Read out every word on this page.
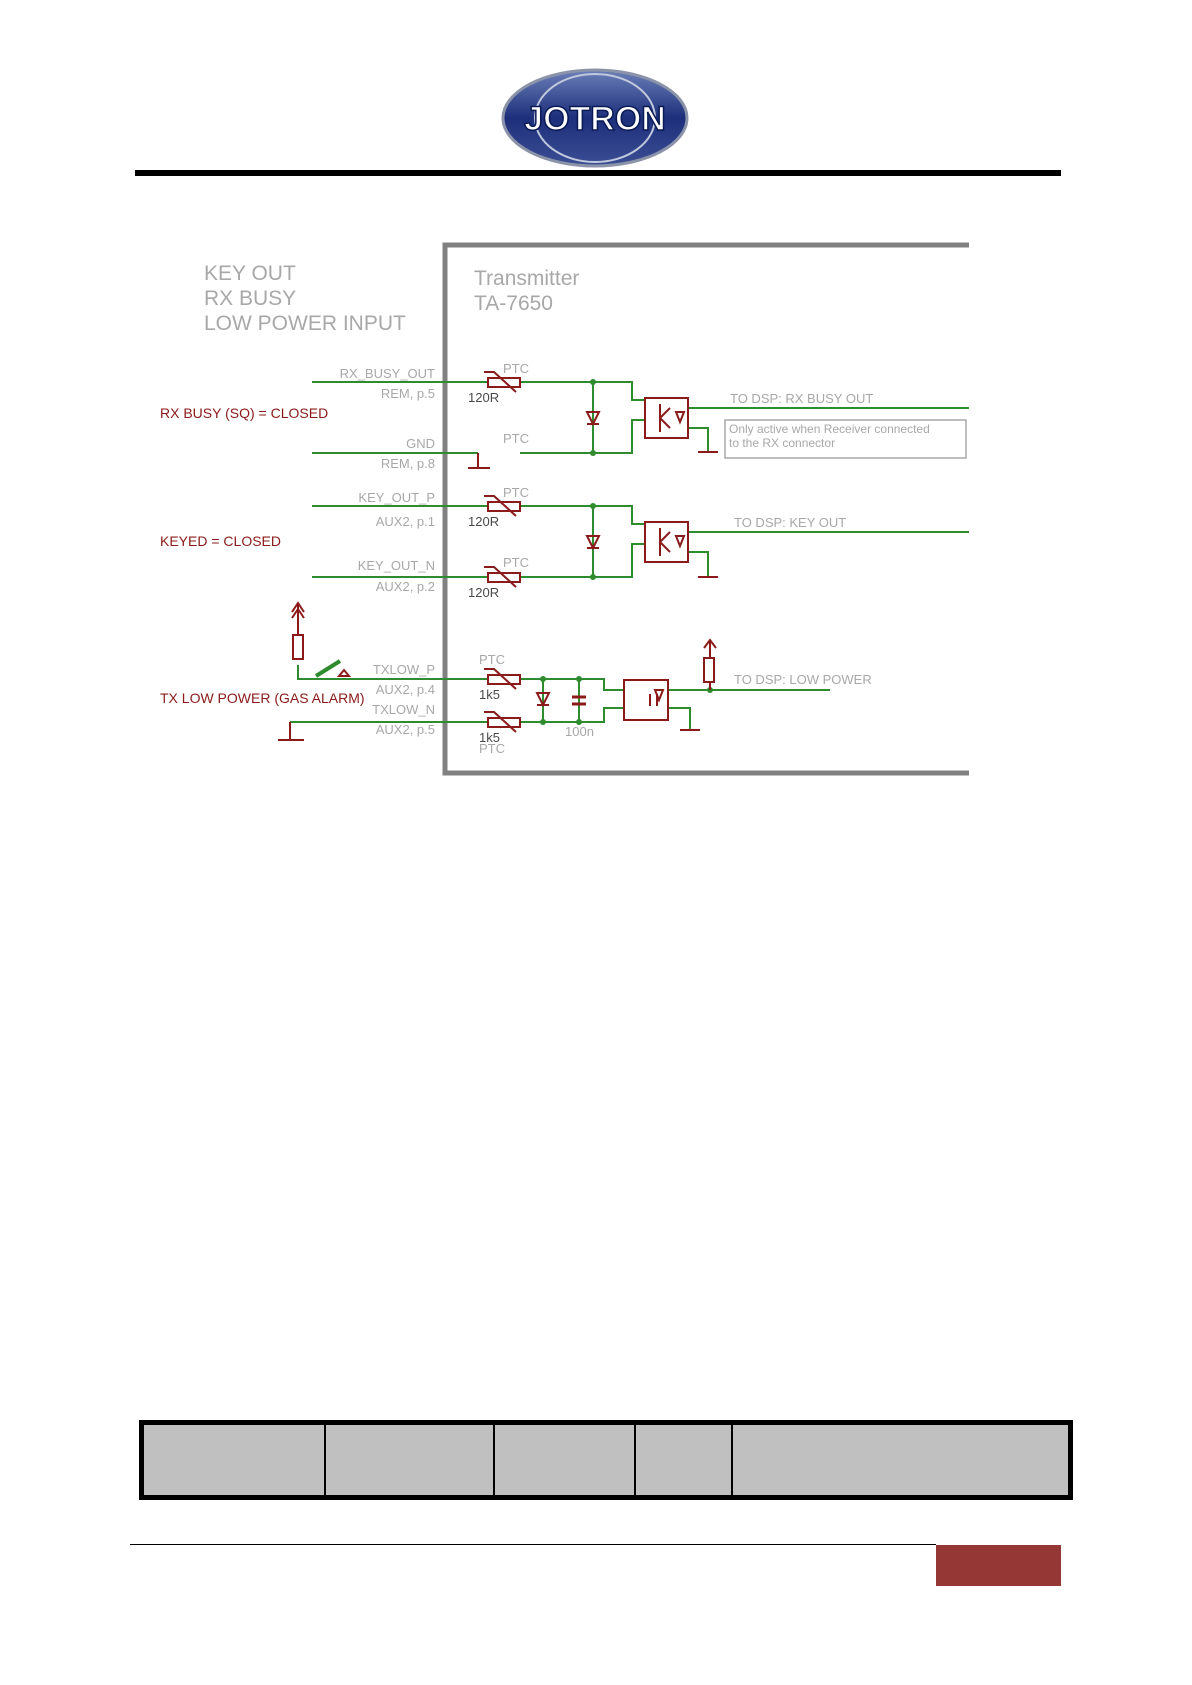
JOTRON
KEY OUT
RX BUSY
LOW POWER INPUT
Transmitter
TA-7650
RX BUSY (SQ) = CLOSED
KEYED = CLOSED
TX LOW POWER (GAS ALARM)
RX_BUSY_OUT
REM, p.5
GND
REM, p.8
KEY_OUT_P
AUX2, p.1
KEY_OUT_N
AUX2, p.2
TXLOW_P
AUX2, p.4
TXLOW_N
AUX2, p.5
PTC
PTC
PTC
PTC
PTC
PTC
100n
120R
120R
120R
1k5
1k5
TO DSP: RX BUSY OUT
TO DSP: KEY OUT
TO DSP: LOW POWER
Only active when Receiver connected
to the RX connector
